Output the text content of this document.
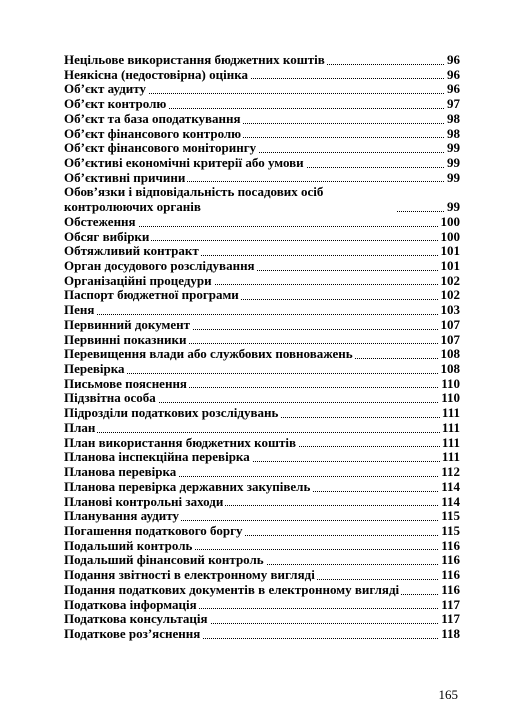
Нецільове використання бюджетних коштів	96
Неякісна (недостовірна) оцінка	96
Об’єкт аудиту	96
Об’єкт контролю	97
Об’єкт та база оподаткування	98
Об’єкт фінансового контролю	98
Об’єкт фінансового моніторингу	99
Об’єктиві економічні критерії або умови	99
Об’єктивні причини	99
Обов’язки і відповідальність посадових осіб контролюючих органів	99
Обстеження	100
Обсяг вибірки	100
Обтяжливий контракт	101
Орган досудового розслідування	101
Організаційні процедури	102
Паспорт бюджетної програми	102
Пеня	103
Первинний документ	107
Первинні показники	107
Перевищення влади або службових повноважень	108
Перевірка	108
Письмове пояснення	110
Підзвітна особа	110
Підрозділи податкових розслідувань	111
План	111
План використання бюджетних коштів	111
Планова інспекційна перевірка	111
Планова перевірка	112
Планова перевірка державних закупівель	114
Планові контрольні заходи	114
Планування аудиту	115
Погашення податкового боргу	115
Подальший контроль	116
Подальший фінансовий контроль	116
Подання звітності в електронному вигляді	116
Подання податкових документів в електронному вигляді	116
Податкова інформація	117
Податкова консультація	117
Податкове роз’яснення	118
165
